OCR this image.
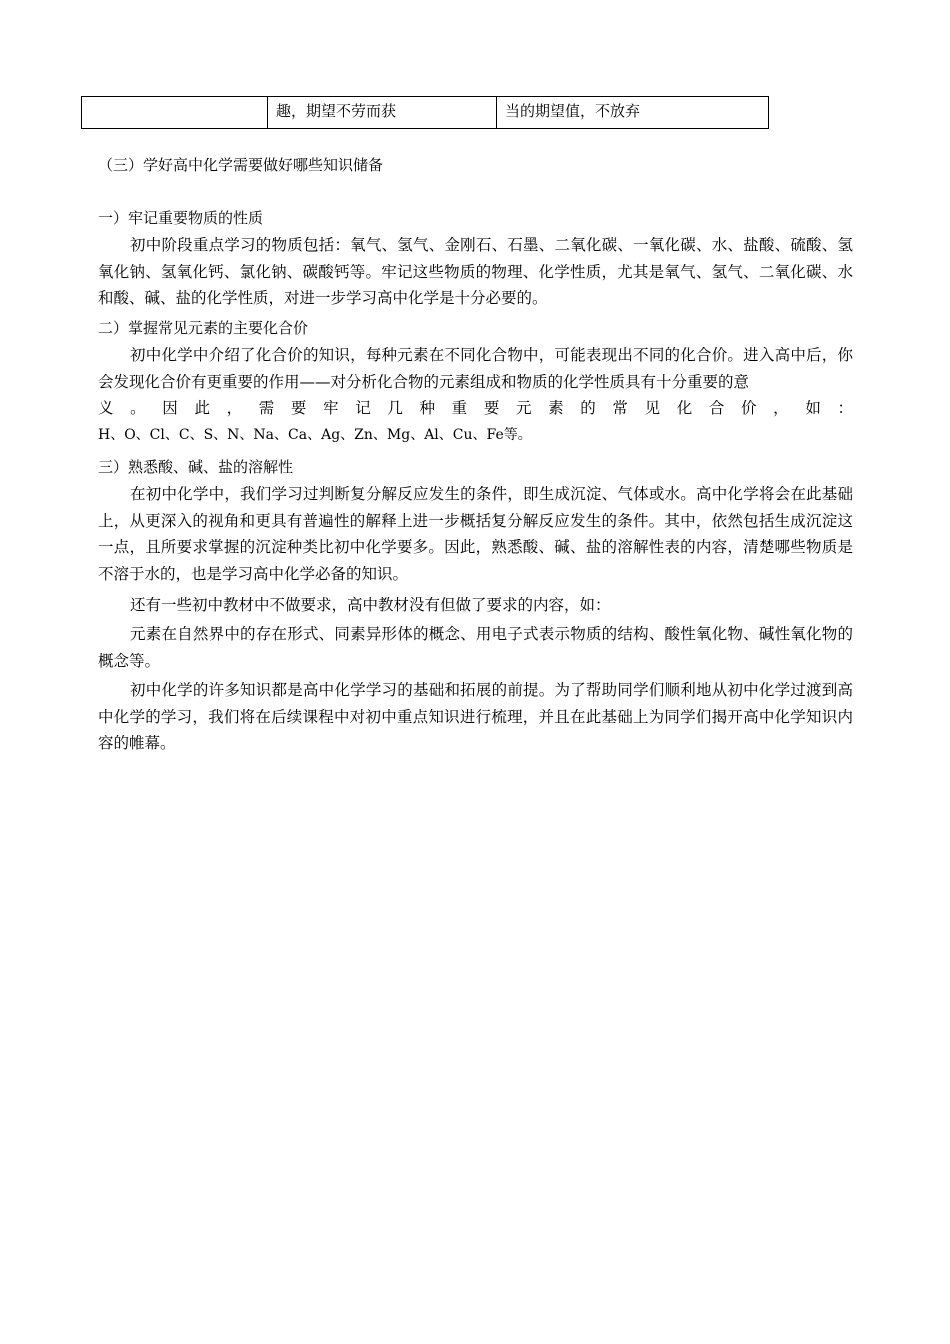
趣，期望不劳而获	当的期望值，不放弃
（三）学好高中化学需要做好哪些知识储备
一）牢记重要物质的性质
初中阶段重点学习的物质包括：氧气、氢气、金刚石、石墨、二氧化碳、一氧化碳、水、盐酸、硫酸、氢氧化钠、氢氧化钙、氯化钠、碳酸钙等。牢记这些物质的物理、化学性质，尤其是氧气、氢气、二氧化碳、水和酸、碱、盐的化学性质，对进一步学习高中化学是十分必要的。
二）掌握常见元素的主要化合价
初中化学中介绍了化合价的知识，每种元素在不同化合物中，可能表现出不同的化合价。进入高中后，你会发现化合价有更重要的作用——对分析化合物的元素组成和物质的化学性质具有十分重要的意
义。因此，需要牢记几种重要元素的常见化合价，如：
H、O、Cl、C、S、N、Na、Ca、Ag、Zn、Mg、Al、Cu、Fe等。
三）熟悉酸、碱、盐的溶解性
在初中化学中，我们学习过判断复分解反应发生的条件，即生成沉淀、气体或水。高中化学将会在此基础上，从更深入的视角和更具有普遍性的解释上进一步概括复分解反应发生的条件。其中，依然包括生成沉淀这一点，且所要求掌握的沉淀种类比初中化学要多。因此，熟悉酸、碱、盐的溶解性表的内容，清楚哪些物质是不溶于水的，也是学习高中化学必备的知识。
还有一些初中教材中不做要求，高中教材没有但做了要求的内容，如：
元素在自然界中的存在形式、同素异形体的概念、用电子式表示物质的结构、酸性氧化物、碱性氧化物的概念等。
初中化学的许多知识都是高中化学学习的基础和拓展的前提。为了帮助同学们顺利地从初中化学过渡到高中化学的学习，我们将在后续课程中对初中重点知识进行梳理，并且在此基础上为同学们揭开高中化学知识内容的帷幕。
